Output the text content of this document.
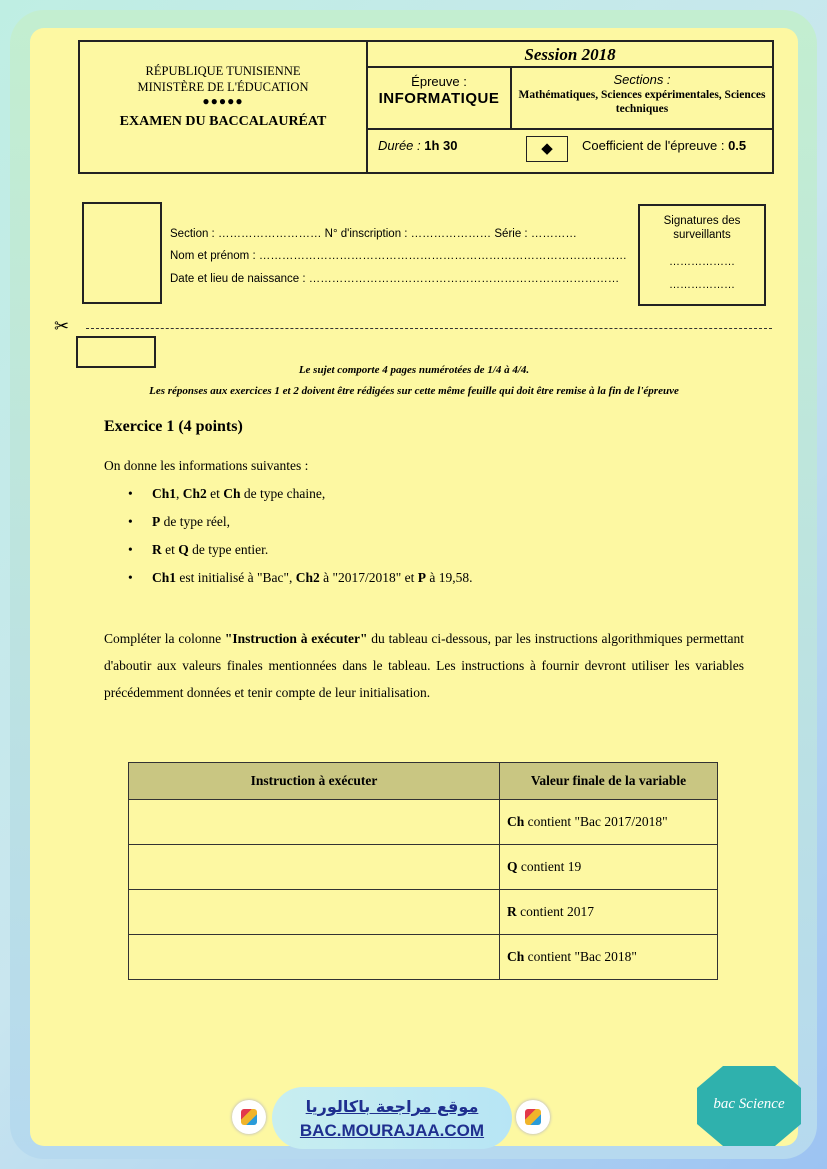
RÉPUBLIQUE TUNISIENNE
MINISTÈRE DE L'ÉDUCATION
●●●●●
EXAMEN DU BACCALAURÉAT
Session 2018
Épreuve :
INFORMATIQUE
Sections :
Mathématiques, Sciences expérimentales, Sciences techniques
Durée : 1h 30	◆	Coefficient de l'épreuve : 0.5
Section : ……………………… N° d'inscription : ………………… Série : …………
Nom et prénom : ……………………………………………………………………………………
Date et lieu de naissance : ………………………………………………………………………
Signatures des surveillants
………………
………………
✂
Le sujet comporte 4 pages numérotées de 1/4 à 4/4.
Les réponses aux exercices 1 et 2 doivent être rédigées sur cette même feuille qui doit être remise à la fin de l'épreuve
Exercice 1 (4 points)
On donne les informations suivantes :
• Ch1, Ch2 et Ch de type chaine,
• P de type réel,
• R et Q de type entier.
• Ch1 est initialisé à "Bac", Ch2 à "2017/2018" et P à 19,58.
Compléter la colonne "Instruction à exécuter" du tableau ci-dessous, par les instructions algorithmiques permettant d'aboutir aux valeurs finales mentionnées dans le tableau. Les instructions à fournir devront utiliser les variables précédemment données et tenir compte de leur initialisation.
Instruction à exécuter	Valeur finale de la variable
	Ch contient "Bac 2017/2018"
	Q contient 19
	R contient 2017
	Ch contient "Bac 2018"
موقع مراجعة باكالوريا
BAC.MOURAJAA.COM
bac Science
